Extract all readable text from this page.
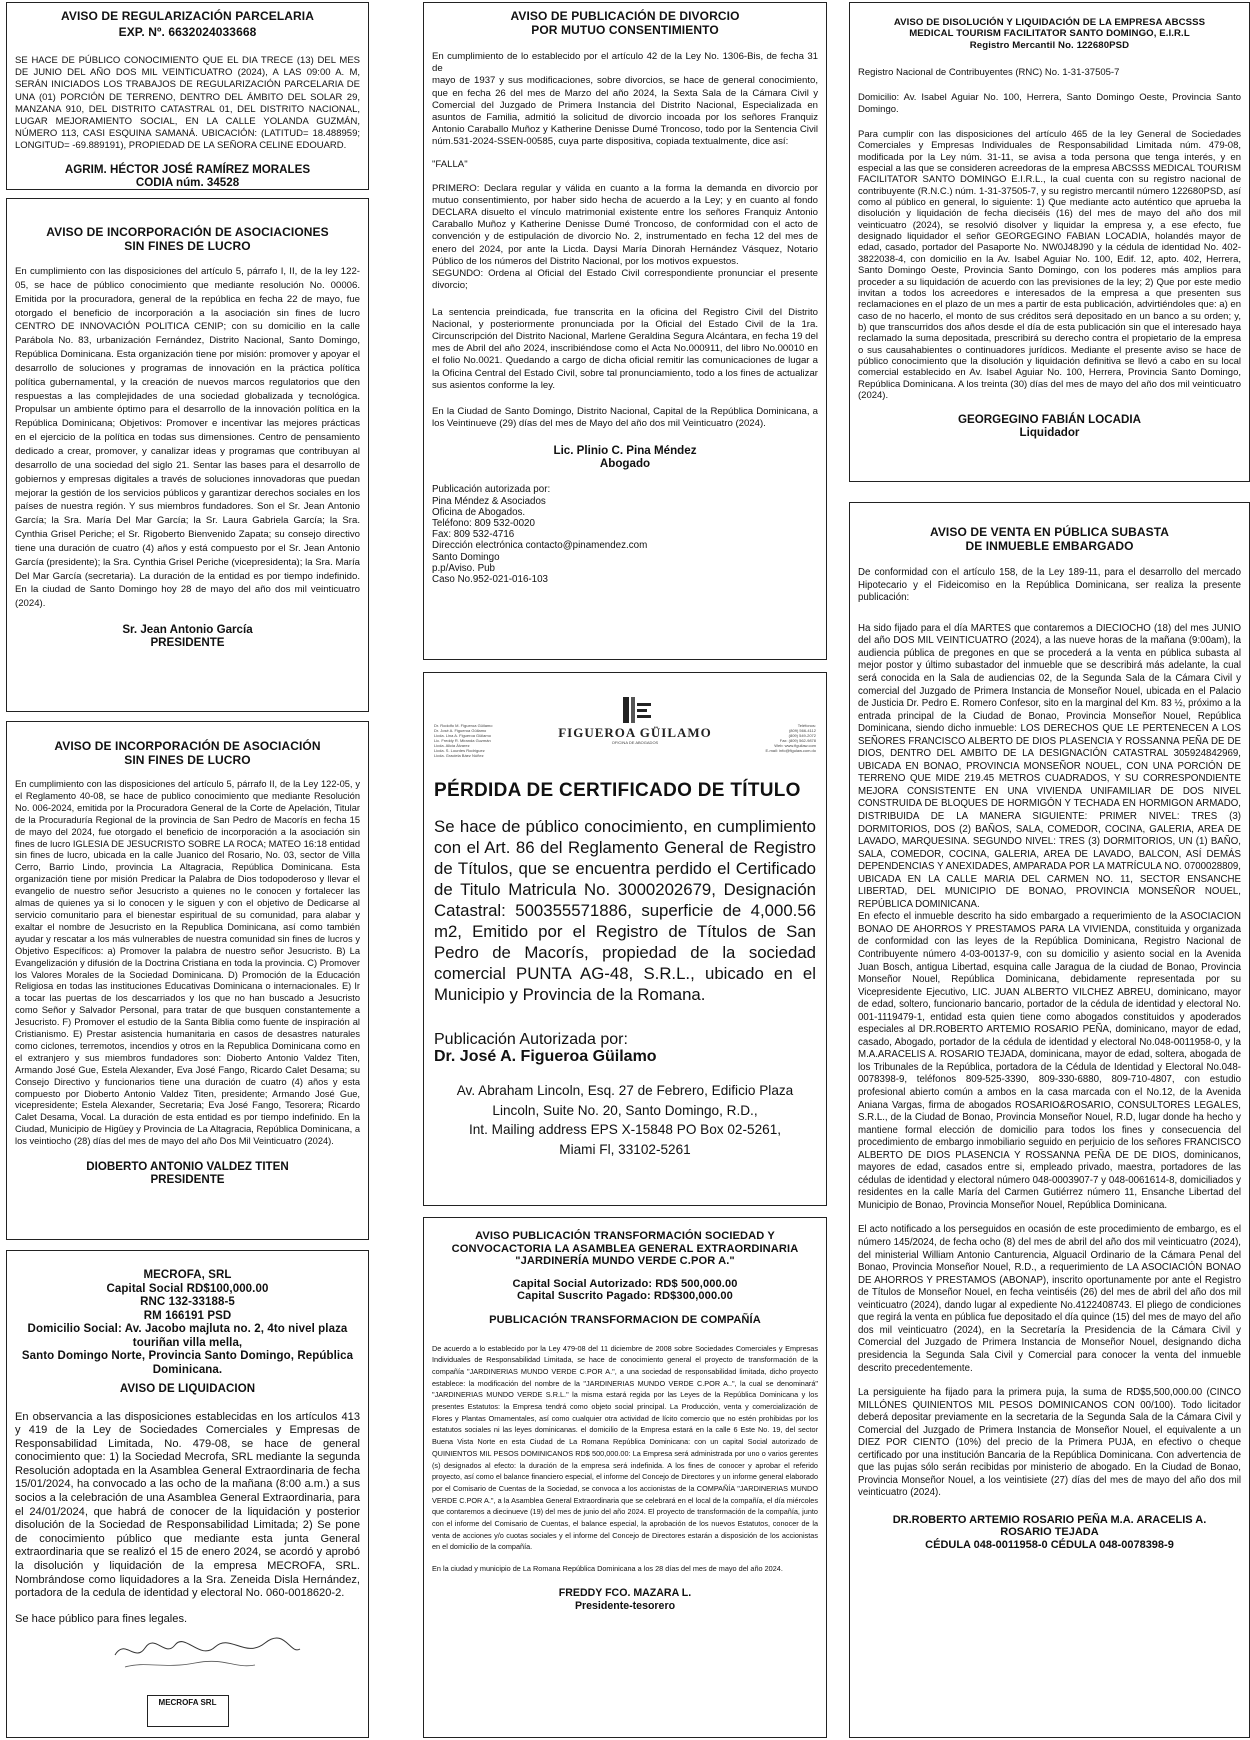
AVISO DE REGULARIZACIÓN PARCELARIA
EXP. Nº. 6632024033668
SE HACE DE PÚBLICO CONOCIMIENTO QUE EL DIA TRECE (13) DEL MES DE JUNIO DEL AÑO DOS MIL VEINTICUATRO (2024), A LAS 09:00 A. M, SERÁN INICIADOS LOS TRABAJOS DE REGULARIZACIÓN PARCELARIA DE UNA (01) PORCIÓN DE TERRENO, DENTRO DEL ÁMBITO DEL SOLAR 29, MANZANA 910, DEL DISTRITO CATASTRAL 01, DEL DISTRITO NACIONAL, LUGAR MEJORAMIENTO SOCIAL, EN LA CALLE YOLANDA GUZMÁN, NÚMERO 113, CASI ESQUINA SAMANÁ. UBICACIÓN: (LATITUD= 18.488959; LONGITUD= -69.889191), PROPIEDAD DE LA SEÑORA CELINE EDOUARD.
AGRIM. HÉCTOR JOSÉ RAMÍREZ MORALES
CODIA núm. 34528
AVISO DE INCORPORACIÓN DE ASOCIACIONES
SIN FINES DE LUCRO
En cumplimiento con las disposiciones del artículo 5, párrafo I, II, de la ley 122-05, se hace de público conocimiento que mediante resolución No. 00006. Emitida por la procuradora, general de la república en fecha 22 de mayo, fue otorgado el beneficio de incorporación a la asociación sin fines de lucro CENTRO DE INNOVACIÓN POLITICA CENIP; con su domicilio en la calle Parábola No. 83, urbanización Fernández, Distrito Nacional, Santo Domingo, República Dominicana. Esta organización tiene por misión: promover y apoyar el desarrollo de soluciones y programas de innovación en la práctica política política gubernamental, y la creación de nuevos marcos regulatorios que den respuestas a las complejidades de una sociedad globalizada y tecnológica. Propulsar un ambiente óptimo para el desarrollo de la innovación política en la República Dominicana; Objetivos: Promover e incentivar las mejores prácticas en el ejercicio de la política en todas sus dimensiones. Centro de pensamiento dedicado a crear, promover, y canalizar ideas y programas que contribuyan al desarrollo de una sociedad del siglo 21. Sentar las bases para el desarrollo de gobiernos y empresas digitales a través de soluciones innovadoras que puedan mejorar la gestión de los servicios públicos y garantizar derechos sociales en los países de nuestra región. Y sus miembros fundadores. Son el Sr. Jean Antonio García; la Sra. María Del Mar García; la Sr. Laura Gabriela García; la Sra. Cynthia Grisel Periche; el Sr. Rigoberto Bienvenido Zapata; su consejo directivo tiene una duración de cuatro (4) años y está compuesto por el Sr. Jean Antonio García (presidente); la Sra. Cynthia Grisel Periche (vicepresidenta); la Sra. María Del Mar García (secretaria). La duración de la entidad es por tiempo indefinido. En la ciudad de Santo Domingo hoy 28 de mayo del año dos mil veinticuatro (2024).
Sr. Jean Antonio García
PRESIDENTE
AVISO DE INCORPORACIÓN DE ASOCIACIÓN
SIN FINES DE LUCRO
En cumplimiento con las disposiciones del artículo 5, párrafo II, de la Ley 122-05, y el Reglamento 40-08, se hace de publico conocimiento que mediante Resolución No. 006-2024, emitida por la Procuradora General de la Corte de Apelación, Titular de la Procuraduría Regional de la provincia de San Pedro de Macorís en fecha 15 de mayo del 2024, fue otorgado el beneficio de incorporación a la asociación sin fines de lucro IGLESIA DE JESUCRISTO SOBRE LA ROCA; MATEO 16:18 entidad sin fines de lucro, ubicada en la calle Juanico del Rosario, No. 03, sector de Villa Cerro, Barrio Lindo, provincia La Altagracia, República Dominicana. Esta organización tiene por misión Predicar la Palabra de Dios todopoderoso y llevar el evangelio de nuestro señor Jesucristo a quienes no le conocen y fortalecer las almas de quienes ya si lo conocen y le siguen y con el objetivo de Dedicarse al servicio comunitario para el bienestar espiritual de su comunidad, para alabar y exaltar el nombre de Jesucristo en la Republica Dominicana, así como también ayudar y rescatar a los más vulnerables de nuestra comunidad sin fines de lucros y Objetivo Específicos: a) Promover la palabra de nuestro señor Jesucristo. B) La Evangelización y difusión de la Doctrina Cristiana en toda la provincia. C) Promover los Valores Morales de la Sociedad Dominicana. D) Promoción de la Educación Religiosa en todas las instituciones Educativas Dominicana o internacionales. E) Ir a tocar las puertas de los descarriados y los que no han buscado a Jesucristo como Señor y Salvador Personal, para tratar de que busquen constantemente a Jesucristo. F) Promover el estudio de la Santa Biblia como fuente de inspiración al Cristianismo. E) Prestar asistencia humanitaria en casos de desastres naturales como ciclones, terremotos, incendios y otros en la Republica Dominicana como en el extranjero y sus miembros fundadores son: Dioberto Antonio Valdez Titen, Armando José Gue, Estela Alexander, Eva José Fango, Ricardo Calet Desama; su Consejo Directivo y funcionarios tiene una duración de cuatro (4) años y esta compuesto por Dioberto Antonio Valdez Titen, presidente; Armando José Gue, vicepresidente; Estela Alexander, Secretaria; Eva José Fango, Tesorera; Ricardo Calet Desama, Vocal. La duración de esta entidad es por tiempo indefinido. En la Ciudad, Municipio de Higüey y Provincia de La Altagracia, República Dominicana, a los veintiocho (28) días del mes de mayo del año Dos Mil Veinticuatro (2024).
DIOBERTO ANTONIO VALDEZ TITEN
PRESIDENTE
MECROFA, SRL
Capital Social RD$100,000.00
RNC 132-33188-5
RM 166191 PSD
Domicilio Social: Av. Jacobo majluta no. 2, 4to nivel plaza touriñan villa mella,
Santo Domingo Norte, Provincia Santo Domingo, República Dominicana.
AVISO DE LIQUIDACION
En observancia a las disposiciones establecidas en los artículos 413 y 419 de la Ley de Sociedades Comerciales y Empresas de Responsabilidad Limitada, No. 479-08, se hace de general conocimiento que: 1) la Sociedad Mecrofa, SRL mediante la segunda Resolución adoptada en la Asamblea General Extraordinaria de fecha 15/01/2024, ha convocado a las ocho de la mañana (8:00 a.m.) a sus socios a la celebración de una Asamblea General Extraordinaria, para el 24/01/2024, que habrá de conocer de la liquidación y posterior disolución de la Sociedad de Responsabilidad Limitada; 2) Se pone de conocimiento público que mediante esta junta General extraordinaria que se realizó el 15 de enero 2024, se acordó y aprobó la disolución y liquidación de la empresa MECROFA, SRL. Nombrándose como liquidadores a la Sra. Zeneida Disla Hernández, portadora de la cedula de identidad y electoral No. 060-0018620-2.
Se hace público para fines legales.
MECROFA SRL
AVISO DE PUBLICACIÓN DE DIVORCIO
POR MUTUO CONSENTIMIENTO
En cumplimiento de lo establecido por el artículo 42 de la Ley No. 1306-Bis, de fecha 31 de
mayo de 1937 y sus modificaciones, sobre divorcios, se hace de general conocimiento, que en fecha 26 del mes de Marzo del año 2024, la Sexta Sala de la Cámara Civil y Comercial del Juzgado de Primera Instancia del Distrito Nacional, Especializada en asuntos de Familia, admitió la solicitud de divorcio incoada por los señores Franquiz Antonio Caraballo Muñoz y Katherine Denisse Dumé Troncoso, todo por la Sentencia Civil núm.531-2024-SSEN-00585, cuya parte dispositiva, copiada textualmente, dice así:
"FALLA"
PRIMERO: Declara regular y válida en cuanto a la forma la demanda en divorcio por mutuo consentimiento, por haber sido hecha de acuerdo a la Ley; y en cuanto al fondo DECLARA disuelto el vínculo matrimonial existente entre los señores Franquiz Antonio Caraballo Muñoz y Katherine Denisse Dumé Troncoso, de conformidad con el acto de convención y de estipulación de divorcio No. 2, instrumentado en fecha 12 del mes de enero del 2024, por ante la Licda. Daysi María Dinorah Hernández Vásquez, Notario Público de los números del Distrito Nacional, por los motivos expuestos.
SEGUNDO: Ordena al Oficial del Estado Civil correspondiente pronunciar el presente divorcio;
La sentencia preindicada, fue transcrita en la oficina del Registro Civil del Distrito Nacional, y posteriormente pronunciada por la Oficial del Estado Civil de la 1ra. Circunscripción del Distrito Nacional, Marlene Geraldina Segura Alcántara, en fecha 19 del mes de Abril del año 2024, inscribiéndose como el Acta No.000911, del libro No.00010 en el folio No.0021. Quedando a cargo de dicha oficial remitir las comunicaciones de lugar a la Oficina Central del Estado Civil, sobre tal pronunciamiento, todo a los fines de actualizar sus asientos conforme la ley.
En la Ciudad de Santo Domingo, Distrito Nacional, Capital de la República Dominicana, a los Veintinueve (29) días del mes de Mayo del año dos mil Veinticuatro (2024).
Lic. Plinio C. Pina Méndez
Abogado
Publicación autorizada por:
Pina Méndez & Asociados
Oficina de Abogados.
Teléfono: 809 532-0020
Fax: 809 532-4716
Dirección electrónica contacto@pinamendez.com
Santo Domingo
p.p/Aviso. Pub
Caso No.952-021-016-103
Dr. Rodolfo M. Figueroa Güilamo
Dr. José A. Figueroa Güilamo
Licda. Lina A. Figueroa Güilamo
Lic. Freddy R. Miranda Guzmán
Licda. Alicia Álvarez
Licda. S. Lourdes Rodríguez
Licda. Graciela Báez Núñez
FIGUEROA GÜILAMO
OFICINA DE ABOGADOS
Teléfonos:
(809) 566-4112
(809) 549-2072
Fax: (809) 562-9878
Web: www.figuilaw.com
E-mail: info@figulaw.com.do
PÉRDIDA DE CERTIFICADO DE TÍTULO
Se hace de público conocimiento, en cumplimiento con el Art. 86 del Reglamento General de Registro de Títulos, que se encuentra perdido el Certificado de Titulo Matricula No. 3000202679, Designación Catastral: 500355571886, superficie de 4,000.56 m2, Emitido por el Registro de Títulos de San Pedro de Macorís, propiedad de la sociedad comercial PUNTA AG-48, S.R.L., ubicado en el Municipio y Provincia de la Romana.
Publicación Autorizada por:
Dr. José A. Figueroa Güilamo
Av. Abraham Lincoln, Esq. 27 de Febrero, Edificio Plaza
Lincoln, Suite No. 20, Santo Domingo, R.D.,
Int. Mailing address EPS X-15848 PO Box 02-5261,
Miami Fl, 33102-5261
AVISO PUBLICACIÓN TRANSFORMACIÓN SOCIEDAD Y
CONVOCACTORIA LA ASAMBLEA GENERAL EXTRAORDINARIA
"JARDINERÍA MUNDO VERDE C.POR A."
Capital Social Autorizado: RD$ 500,000.00
Capital Suscrito Pagado: RD$300,000.00
PUBLICACIÓN TRANSFORMACION DE COMPAÑÍA
De acuerdo a lo establecido por la Ley 479-08 del 11 diciembre de 2008 sobre Sociedades Comerciales y Empresas Individuales de Responsabilidad Limitada, se hace de conocimiento general el proyecto de transformación de la compañía "JARDINERIAS MUNDO VERDE C.POR A.", a una sociedad de responsabilidad limitada, dicho proyecto establece: la modificación del nombre de la "JARDINERIAS MUNDO VERDE C.POR A..", la cual se denominará" "JARDINERIAS MUNDO VERDE S.R.L." la misma estará regida por las Leyes de la República Dominicana y los presentes Estatutos: la Empresa tendrá como objeto social principal. La Producción, venta y comercialización de Flores y Plantas Ornamentales, así como cualquier otra actividad de lícito comercio que no estén prohibidas por los estatutos sociales ni las leyes dominicanas. el domicilio de la Empresa estará en la calle 6 Este No. 19, del sector Buena Vista Norte en esta Ciudad de La Romana República Dominicana: con un capital Social autorizado de QUINIENTOS MIL PESOS DOMINICANOS RD$ 500,000.00: La Empresa será administrada por uno o varios gerentes (s) designados al efecto: la duración de la empresa será indefinida. A los fines de conocer y aprobar el referido proyecto, así como el balance financiero especial, el informe del Concejo de Directores y un informe general elaborado por el Comisario de Cuentas de la Sociedad, se convoca a los accionistas de la COMPAÑÍA "JARDINERIAS MUNDO VERDE C.POR A.", a la Asamblea General Extraordinaria que se celebrará en el local de la compañía, el día miércoles que contaremos a diecinueve (19) del mes de junio del año 2024. El proyecto de transformación de la compañía, junto con el informe del Comisario de Cuentas, el balance especial, la aprobación de los nuevos Estatutos, conocer de la venta de acciones y/o cuotas sociales y el informe del Concejo de Directores estarán a disposición de los accionistas en el domicilio de la compañía.
En la ciudad y municipio de La Romana República Dominicana a los 28 días del mes de mayo del año 2024.
FREDDY FCO. MAZARA L.
Presidente-tesorero
AVISO DE DISOLUCIÓN Y LIQUIDACIÓN DE LA EMPRESA ABCSSS
MEDICAL TOURISM FACILITATOR SANTO DOMINGO, E.I.R.L
Registro Mercantil No. 122680PSD
Registro Nacional de Contribuyentes (RNC) No. 1-31-37505-7
Domicilio: Av. Isabel Aguiar No. 100, Herrera, Santo Domingo Oeste, Provincia Santo Domingo.
Para cumplir con las disposiciones del artículo 465 de la ley General de Sociedades Comerciales y Empresas Individuales de Responsabilidad Limitada núm. 479-08, modificada por la Ley núm. 31-11, se avisa a toda persona que tenga interés, y en especial a las que se consideren acreedoras de la empresa ABCSSS MEDICAL TOURISM FACILITATOR SANTO DOMINGO E.I.R.L., la cual cuenta con su registro nacional de contribuyente (R.N.C.) núm. 1-31-37505-7, y su registro mercantil número 122680PSD, así como al público en general, lo siguiente: 1) Que mediante acto auténtico que aprueba la disolución y liquidación de fecha dieciséis (16) del mes de mayo del año dos mil veinticuatro (2024), se resolvió disolver y liquidar la empresa y, a ese efecto, fue designado liquidador el señor GEORGEGINO FABIAN LOCADIA, holandés mayor de edad, casado, portador del Pasaporte No. NW0J48J90 y la cédula de identidad No. 402-3822038-4, con domicilio en la Av. Isabel Aguiar No. 100, Edif. 12, apto. 402, Herrera, Santo Domingo Oeste, Provincia Santo Domingo, con los poderes más amplios para proceder a su liquidación de acuerdo con las previsiones de la ley; 2) Que por este medio invitan a todos los acreedores e interesados de la empresa a que presenten sus reclamaciones en el plazo de un mes a partir de esta publicación, advirtiéndoles que: a) en caso de no hacerlo, el monto de sus créditos será depositado en un banco a su orden; y, b) que transcurridos dos años desde el día de esta publicación sin que el interesado haya reclamado la suma depositada, prescribirá su derecho contra el propietario de la empresa o sus causahabientes o continuadores jurídicos. Mediante el presente aviso se hace de público conocimiento que la disolución y liquidación definitiva se llevó a cabo en su local comercial establecido en Av. Isabel Aguiar No. 100, Herrera, Provincia Santo Domingo, República Dominicana. A los treinta (30) días del mes de mayo del año dos mil veinticuatro (2024).
GEORGEGINO FABIÁN LOCADIA
Liquidador
AVISO DE VENTA EN PÚBLICA SUBASTA
DE INMUEBLE EMBARGADO
De conformidad con el artículo 158, de la Ley 189-11, para el desarrollo del mercado Hipotecario y el Fideicomiso en la República Dominicana, ser realiza la presente publicación:
Ha sido fijado para el día MARTES que contaremos a DIECIOCHO (18) del mes JUNIO del año DOS MIL VEINTICUATRO (2024), a las nueve horas de la mañana (9:00am), la audiencia pública de pregones en que se procederá a la venta en pública subasta al mejor postor y último subastador del inmueble que se describirá más adelante, la cual será conocida en la Sala de audiencias 02, de la Segunda Sala de la Cámara Civil y comercial del Juzgado de Primera Instancia de Monseñor Nouel, ubicada en el Palacio de Justicia Dr. Pedro E. Romero Confesor, sito en la marginal del Km. 83 ½, próximo a la entrada principal de la Ciudad de Bonao, Provincia Monseñor Nouel, República Dominicana, siendo dicho inmueble: LOS DERECHOS QUE LE PERTENECEN A LOS SEÑORES FRANCISCO ALBERTO DE DIOS PLASENCIA Y ROSSANNA PEÑA DE DE DIOS, DENTRO DEL AMBITO DE LA DESIGNACIÓN CATASTRAL 305924842969, UBICADA EN BONAO, PROVINCIA MONSEÑOR NOUEL, CON UNA PORCIÓN DE TERRENO QUE MIDE 219.45 METROS CUADRADOS, Y SU CORRESPONDIENTE MEJORA CONSISTENTE EN UNA VIVIENDA UNIFAMILIAR DE DOS NIVEL CONSTRUIDA DE BLOQUES DE HORMIGÓN Y TECHADA EN HORMIGON ARMADO, DISTRIBUIDA DE LA MANERA SIGUIENTE: PRIMER NIVEL: TRES (3) DORMITORIOS, DOS (2) BAÑOS, SALA, COMEDOR, COCINA, GALERIA, AREA DE LAVADO, MARQUESINA. SEGUNDO NIVEL: TRES (3) DORMITORIOS, UN (1) BAÑO, SALA, COMEDOR, COCINA, GALERIA, AREA DE LAVADO, BALCON, ASÍ DEMÁS DEPENDENCIAS Y ANEXIDADES, AMPARADA POR LA MATRÍCULA NO. 0700028809, UBICADA EN LA CALLE MARIA DEL CARMEN NO. 11, SECTOR ENSANCHE LIBERTAD, DEL MUNICIPIO DE BONAO, PROVINCIA MONSEÑOR NOUEL, REPÚBLICA DOMINICANA.
En efecto el inmueble descrito ha sido embargado a requerimiento de la ASOCIACION BONAO DE AHORROS Y PRESTAMOS PARA LA VIVIENDA, constituida y organizada de conformidad con las leyes de la República Dominicana, Registro Nacional de Contribuyente número 4-03-00137-9, con su domicilio y asiento social en la Avenida Juan Bosch, antigua Libertad, esquina calle Jaragua de la ciudad de Bonao, Provincia Monseñor Nouel, República Dominicana, debidamente representada por su Vicepresidente Ejecutivo, LIC. JUAN ALBERTO VILCHEZ ABREU, dominicano, mayor de edad, soltero, funcionario bancario, portador de la cédula de identidad y electoral No. 001-1119479-1, entidad esta quien tiene como abogados constituidos y apoderados especiales al DR.ROBERTO ARTEMIO ROSARIO PEÑA, dominicano, mayor de edad, casado, Abogado, portador de la cédula de identidad y electoral No.048-0011958-0, y la M.A.ARACELIS A. ROSARIO TEJADA, dominicana, mayor de edad, soltera, abogada de los Tribunales de la República, portadora de la Cédula de Identidad y Electoral No.048-0078398-9, teléfonos 809-525-3390, 809-330-6880, 809-710-4807, con estudio profesional abierto común a ambos en la casa marcada con el No.12, de la Avenida Aniana Vargas, firma de abogados ROSARIO&ROSARIO, CONSULTORES LEGALES, S.R.L., de la Ciudad de Bonao, Provincia Monseñor Nouel, R.D, lugar donde ha hecho y mantiene formal elección de domicilio para todos los fines y consecuencia del procedimiento de embargo inmobiliario seguido en perjuicio de los señores FRANCISCO ALBERTO DE DIOS PLASENCIA Y ROSSANNA PEÑA DE DE DIOS, dominicanos, mayores de edad, casados entre si, empleado privado, maestra, portadores de las cédulas de identidad y electoral número 048-0003907-7 y 048-0061614-8, domiciliados y residentes en la calle María del Carmen Gutiérrez número 11, Ensanche Libertad del Municipio de Bonao, Provincia Monseñor Nouel, República Dominicana.
El acto notificado a los perseguidos en ocasión de este procedimiento de embargo, es el número 145/2024, de fecha ocho (8) del mes de abril del año dos mil veinticuatro (2024), del ministerial William Antonio Canturencia, Alguacil Ordinario de la Cámara Penal del Bonao, Provincia Monseñor Nouel, R.D., a requerimiento de LA ASOCIACIÓN BONAO DE AHORROS Y PRESTAMOS (ABONAP), inscrito oportunamente por ante el Registro de Títulos de Monseñor Nouel, en fecha veintiséis (26) del mes de abril del año dos mil veinticuatro (2024), dando lugar al expediente No.4122408743. El pliego de condiciones que regirá la venta en pública fue depositado el día quince (15) del mes de mayo del año dos mil veinticuatro (2024), en la Secretaría la Presidencia de la Cámara Civil y Comercial del Juzgado de Primera Instancia de Monseñor Nouel, designando dicha presidencia la Segunda Sala Civil y Comercial para conocer la venta del inmueble descrito precedentemente.
La persiguiente ha fijado para la primera puja, la suma de RD$5,500,000.00 (CINCO MILLÓNES QUINIENTOS MIL PESOS DOMINICANOS CON 00/100). Todo licitador deberá depositar previamente en la secretaria de la Segunda Sala de la Cámara Civil y Comercial del Juzgado de Primera Instancia de Monseñor Nouel, el equivalente a un DIEZ POR CIENTO (10%) del precio de la Primera PUJA, en efectivo o cheque certificado por una institución Bancaria de la República Dominicana. Con advertencia de que las pujas sólo serán recibidas por ministerio de abogado. En la Ciudad de Bonao, Provincia Monseñor Nouel, a los veintisiete (27) días del mes de mayo del año dos mil veinticuatro (2024).
DR.ROBERTO ARTEMIO ROSARIO PEÑA M.A. ARACELIS A.
ROSARIO TEJADA
CÉDULA 048-0011958-0 CÉDULA 048-0078398-9
